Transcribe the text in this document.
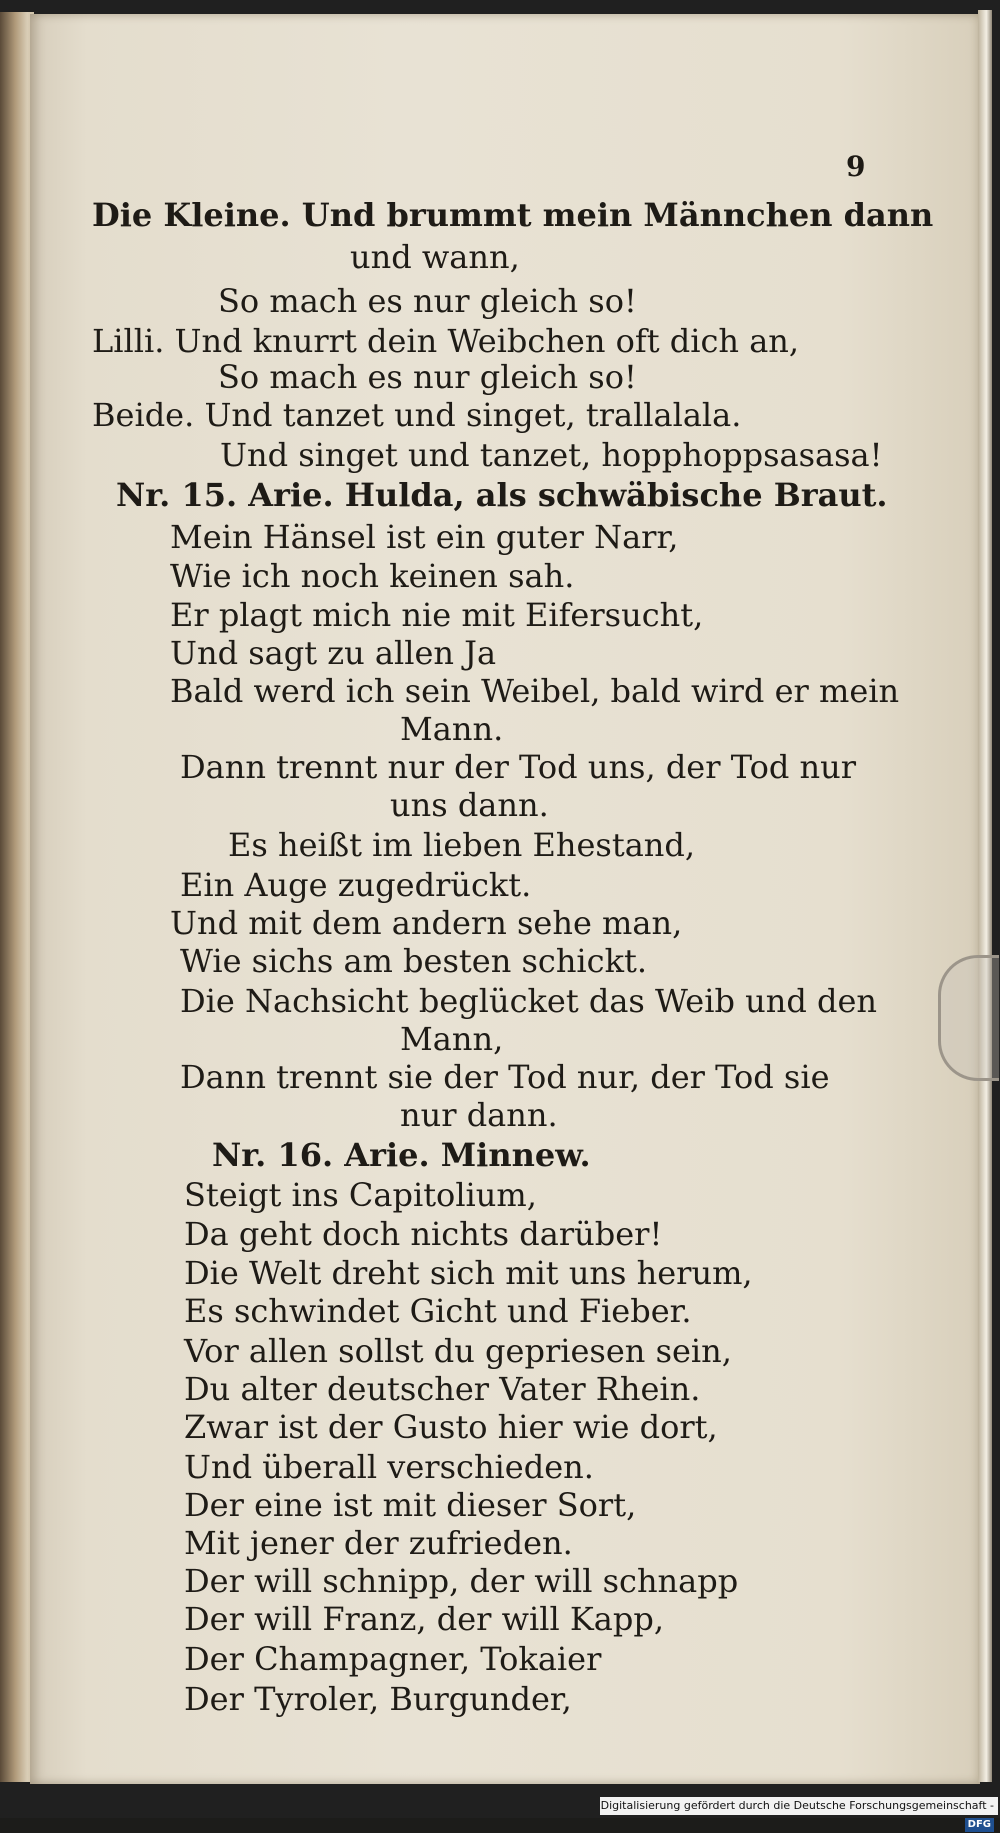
9
Die Kleine. Und brummt mein Männchen dann
und wann,
So mach es nur gleich so!
Lilli. Und knurrt dein Weibchen oft dich an,
So mach es nur gleich so!
Beide. Und tanzet und singet, trallalala.
Und singet und tanzet, hopphoppsasasa!
Nr. 15. Arie. Hulda, als schwäbische Braut.
Mein Hänsel ist ein guter Narr,
Wie ich noch keinen sah.
Er plagt mich nie mit Eifersucht,
Und sagt zu allen Ja
Bald werd ich sein Weibel, bald wird er mein
Mann.
Dann trennt nur der Tod uns, der Tod nur
uns dann.
Es heißt im lieben Ehestand,
Ein Auge zugedrückt.
Und mit dem andern sehe man,
Wie sichs am besten schickt.
Die Nachsicht beglücket das Weib und den
Mann,
Dann trennt sie der Tod nur, der Tod sie
nur dann.
Nr. 16. Arie. Minnew.
Steigt ins Capitolium,
Da geht doch nichts darüber!
Die Welt dreht sich mit uns herum,
Es schwindet Gicht und Fieber.
Vor allen sollst du gepriesen sein,
Du alter deutscher Vater Rhein.
Zwar ist der Gusto hier wie dort,
Und überall verschieden.
Der eine ist mit dieser Sort,
Mit jener der zufrieden.
Der will schnipp, der will schnapp
Der will Franz, der will Kapp,
Der Champagner, Tokaier
Der Tyroler, Burgunder,
Digitalisierung gefördert durch die Deutsche Forschungsgemeinschaft -DFG
